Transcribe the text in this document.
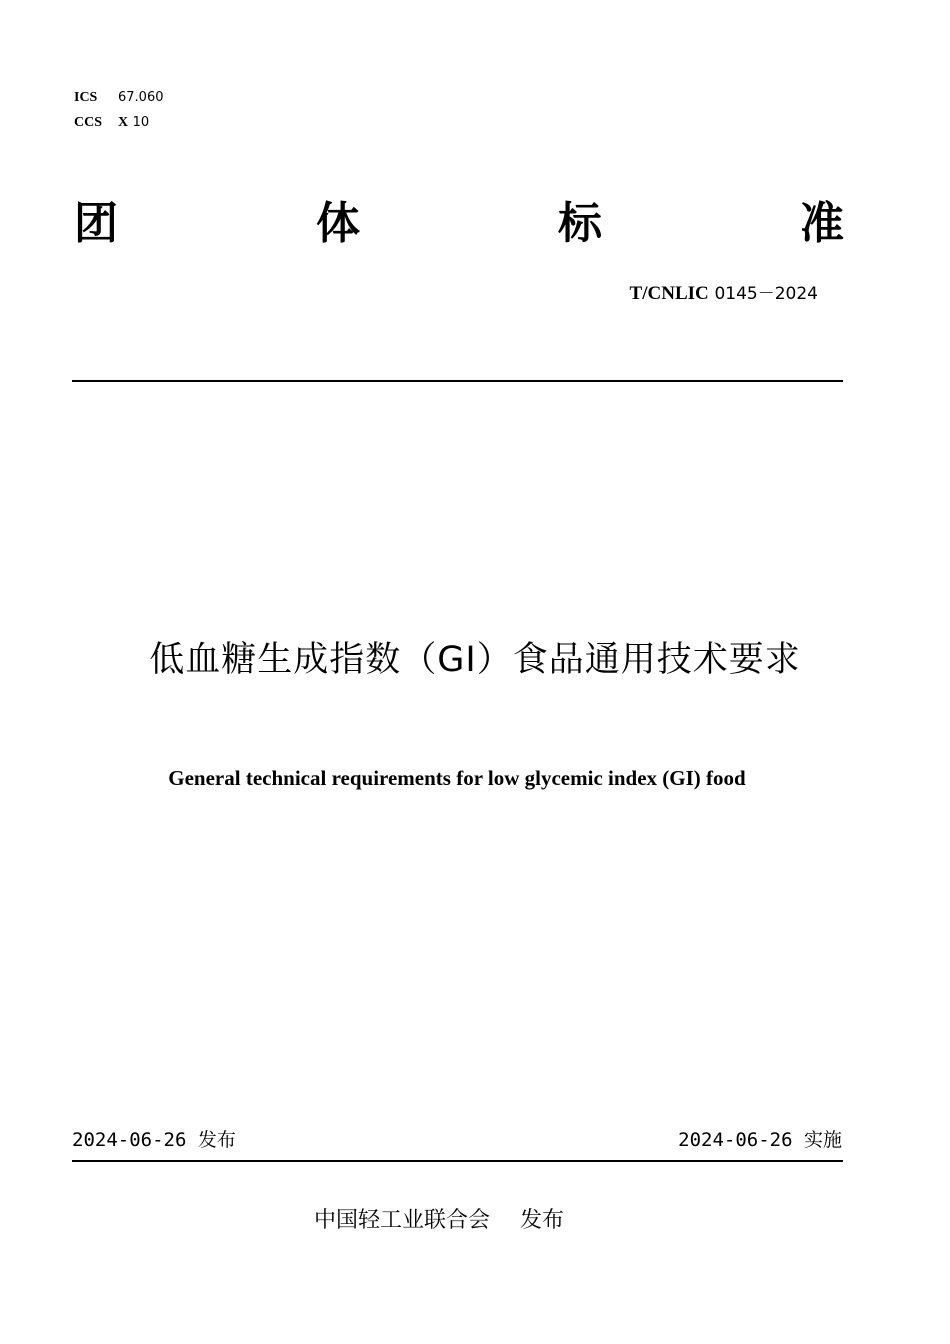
ICS 67.060
CCS X 10
团	体	标	准
T/CNLIC 0145－2024
低血糖生成指数（GI）食品通用技术要求
General technical requirements for low glycemic index (GI) food
2024-06-26 发布	2024-06-26 实施
中国轻工业联合会 发布
